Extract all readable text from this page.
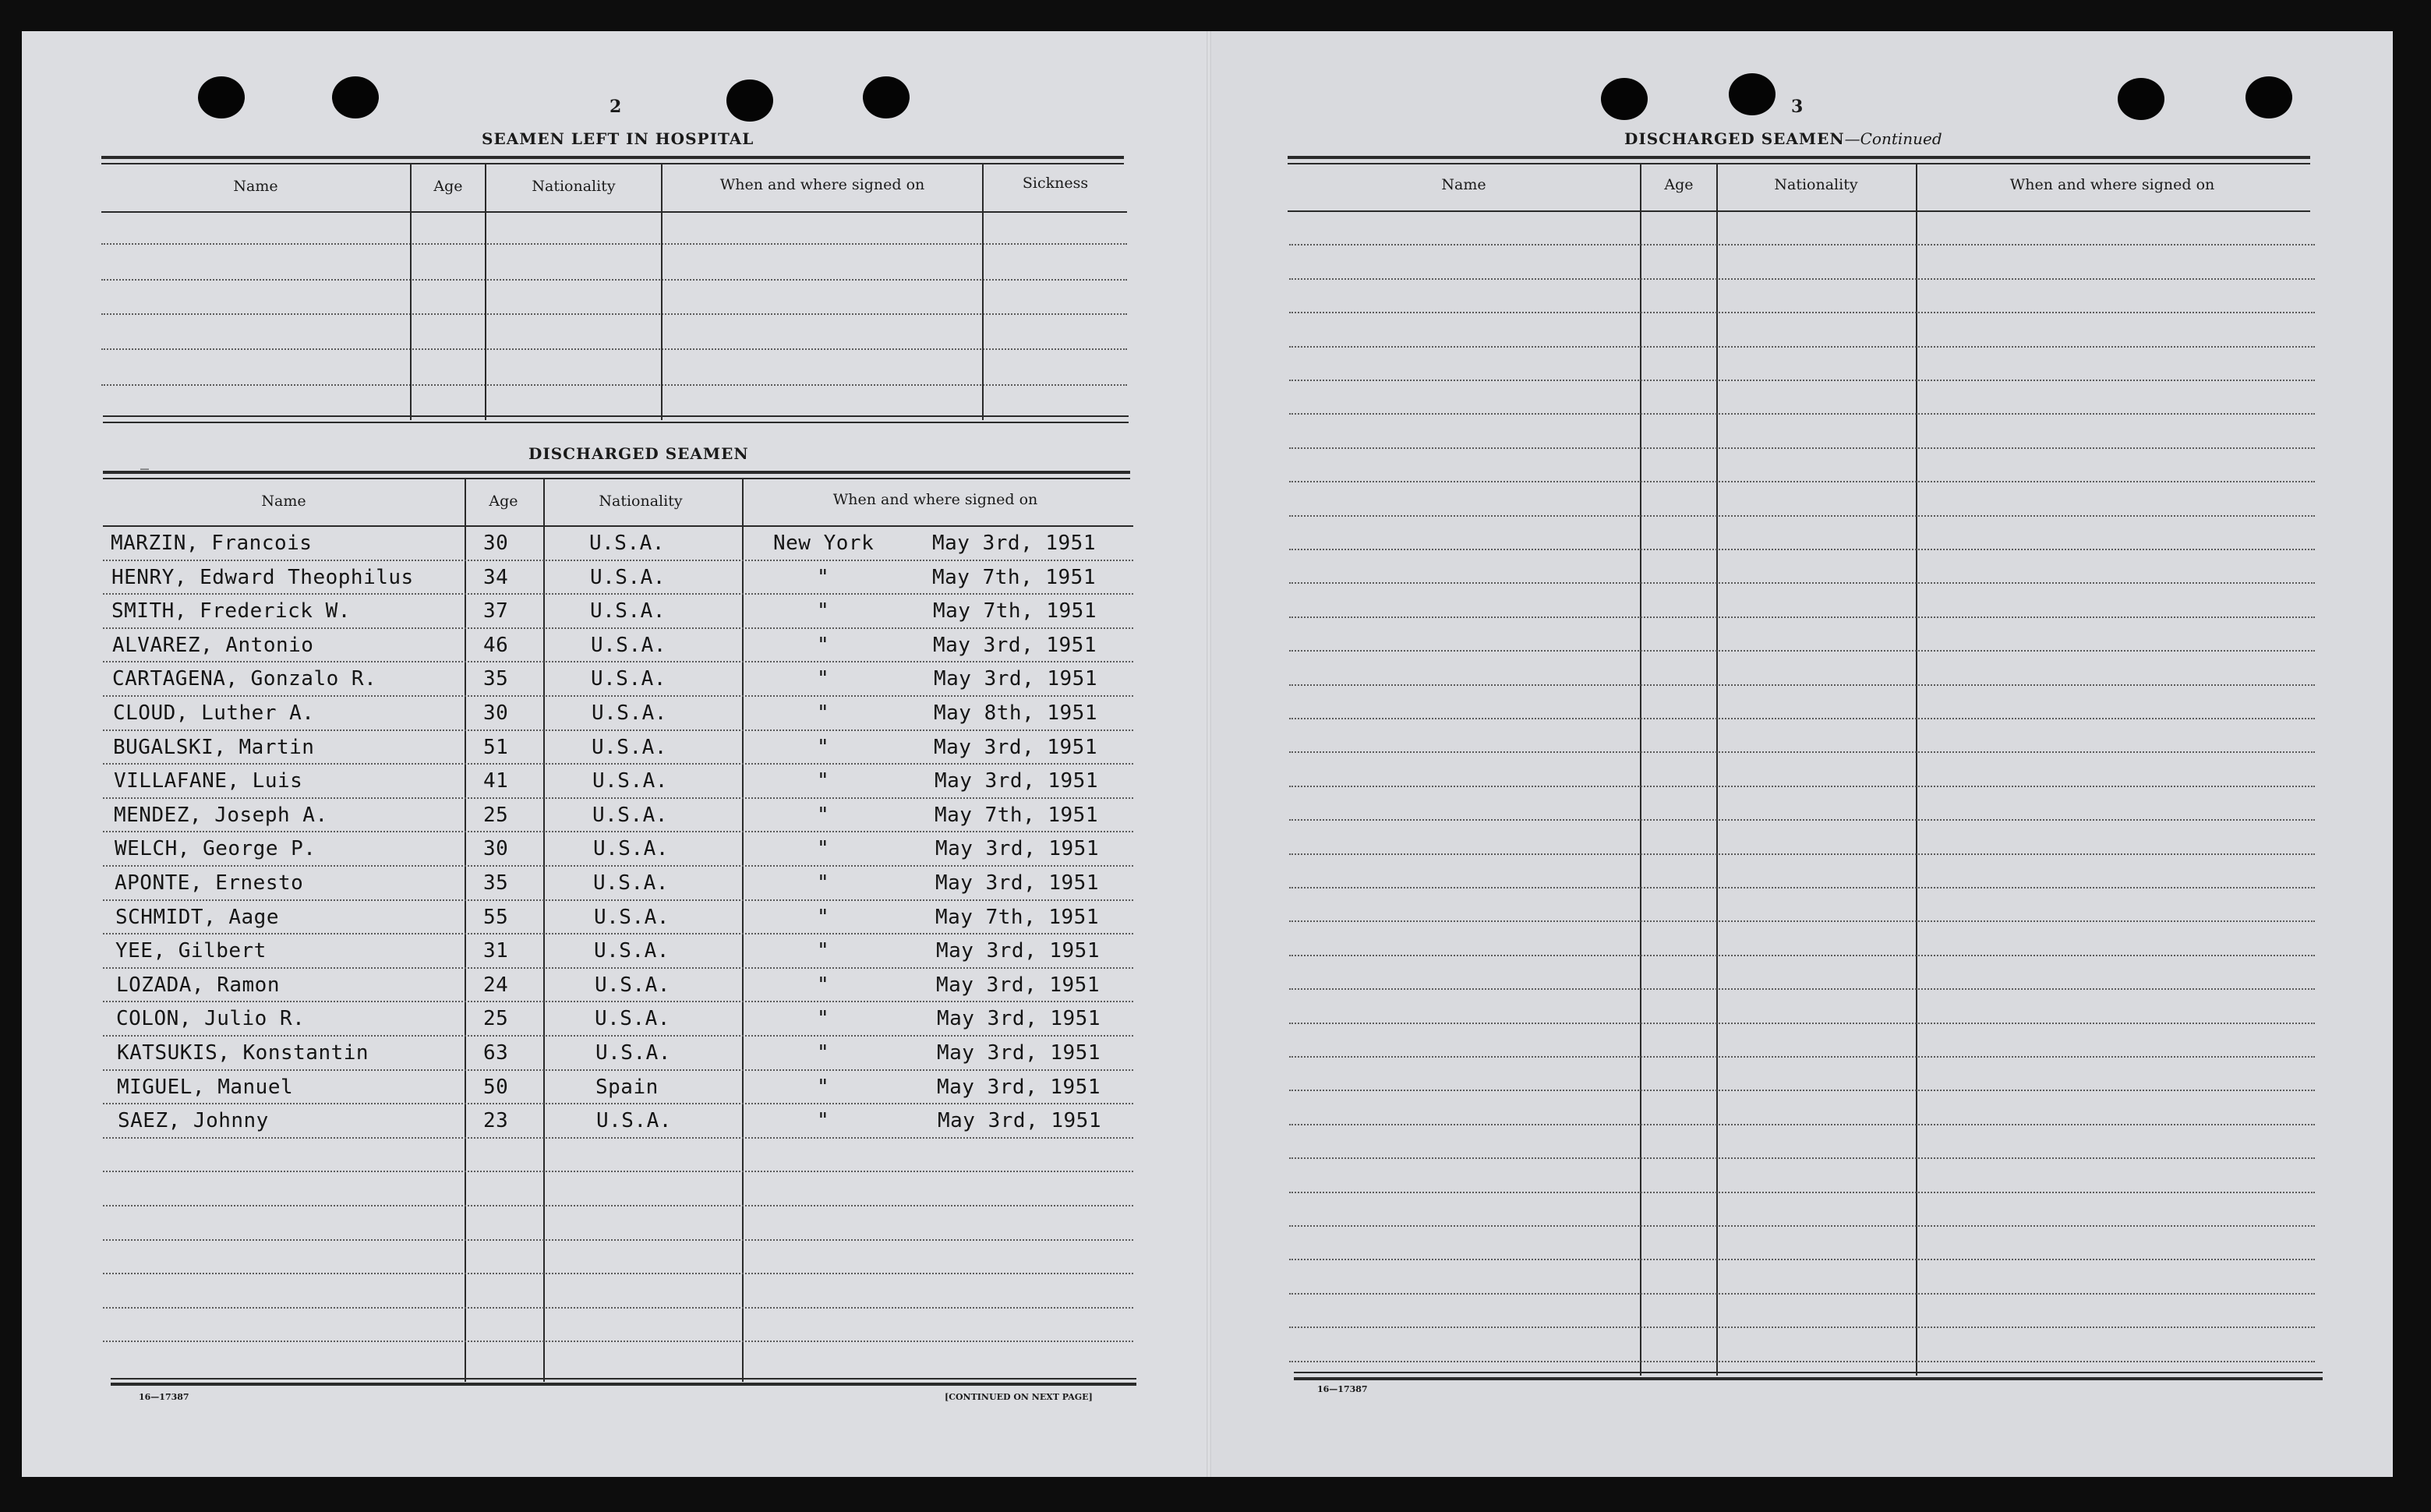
2
SEAMEN LEFT IN HOSPITAL
Name	Age	Nationality	When and where signed on	Sickness
_	DISCHARGED SEAMEN
Name	Age	Nationality	When and where signed on
MARZIN, Francois	30	U.S.A.	New York	May 3rd, 1951
HENRY, Edward Theophilus	34	U.S.A.	"	May 7th, 1951
SMITH, Frederick W.	37	U.S.A.	"	May 7th, 1951
ALVAREZ, Antonio	46	U.S.A.	"	May 3rd, 1951
CARTAGENA, Gonzalo R.	35	U.S.A.	"	May 3rd, 1951
CLOUD, Luther A.	30	U.S.A.	"	May 8th, 1951
BUGALSKI, Martin	51	U.S.A.	"	May 3rd, 1951
VILLAFANE, Luis	41	U.S.A.	"	May 3rd, 1951
MENDEZ, Joseph A.	25	U.S.A.	"	May 7th, 1951
WELCH, George P.	30	U.S.A.	"	May 3rd, 1951
APONTE, Ernesto	35	U.S.A.	"	May 3rd, 1951
SCHMIDT, Aage	55	U.S.A.	"	May 7th, 1951
YEE, Gilbert	31	U.S.A.	"	May 3rd, 1951
LOZADA, Ramon	24	U.S.A.	"	May 3rd, 1951
COLON, Julio R.	25	U.S.A.	"	May 3rd, 1951
KATSUKIS, Konstantin	63	U.S.A.	"	May 3rd, 1951
MIGUEL, Manuel	50	Spain	"	May 3rd, 1951
SAEZ, Johnny	23	U.S.A.	"	May 3rd, 1951
16—17387	[CONTINUED ON NEXT PAGE]
3
DISCHARGED SEAMEN—Continued
Name	Age	Nationality	When and where signed on
16—17387
